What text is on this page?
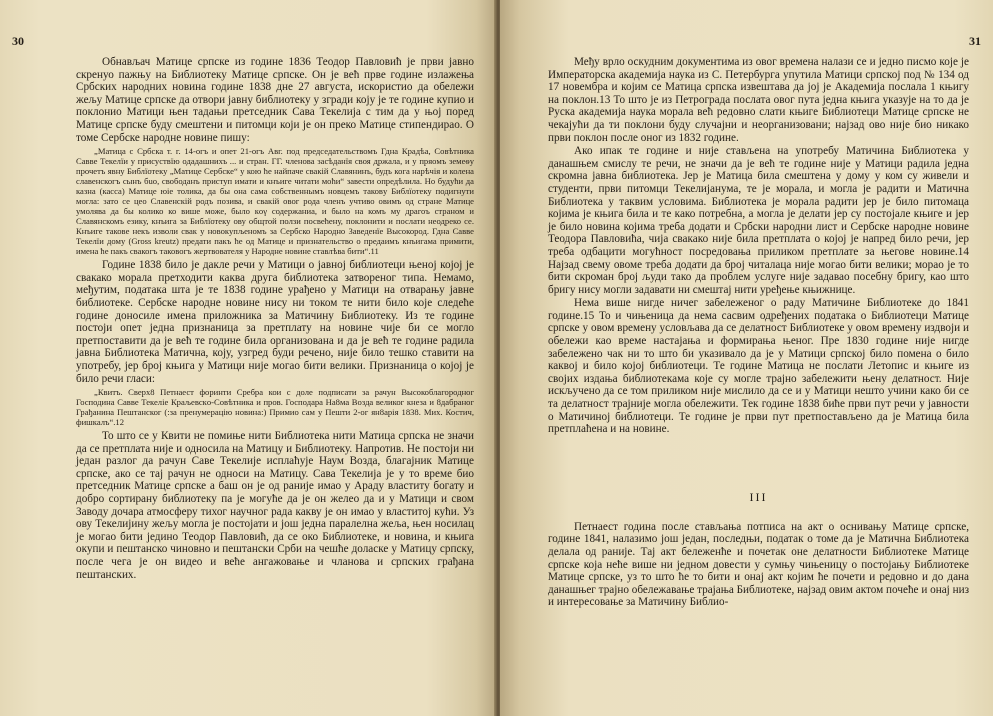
30

Обнављач Матице српске из године 1836 Теодор Павловић је први јавно скренуо пажњу на Библиотеку Матице српске. Он је већ прве године излажења Србских народних новина године 1838 дне 27 августа, искористио да обележи жељу Матице српске да отвори јавну библиотеку у згради коју је те године купио и поклонио Матици њен тадањи претседник Сава Текелија с тим да у њој поред Матице српске буду смештени и питомци који је он преко Матице стипендирао. О томе Сербске народне новине пишу:

„Матица с Србска т. г. 14-огъ и опет 21-огъ Авг. под председательствомъ Гдна Крадѣа, Совѣтника Савве Текелїи у присуствїю одадашнихъ ... и стран. ГГ. членова засѣданїя своя држала, и у пряомъ земеѳу прочетъ явну Библїотеку „Матице Сербске“ у кою ће найпаче свакій Славянинъ, будъ кога нарѣчія и колена славенскогъ сынъ бuо, свободанъ приступ имати и кнъиге читати моћи“ завести опредѣлила. Но будући да казна (касса) Матице юіе толика, да бы она сама собственнымъ новцемъ таковy Библїотеку подигнути могла: зато се цео Славенскій родъ позива, и свакій овог рода членъ учтиво овимъ од стране Матице умолява да бы колико ко више може, было кογ содержаниа, и было на комъ му драгоъ страном и Славянскомъ езику, кнъига за Библїотеку ову общтой ползи посвећену, поклонити и послати неодреко се. Кнъиге таковe некъ изволи свак у новокупљеномъ за Сербско Народно Заведенїе Высокород. Гдна Савве Текелїи дому (Gross kreutz) предати пакъ ће од Матице и признательство о предаимъ кнъигама примити, имена ће пакъ свакогъ таковогъ жертвователя у Народне новине ставлѣва бити“.11

Године 1838 било је дакле речи у Матици о јавној библиотеци њеној којој је свакако морала претходити каква друга библиотека затвореног типа. Немамо, међутим, података шта је те 1838 године урађено у Матици на отварању јавне библиотеке. Сербске народне новине нису ни током те нити било које следеће године доносиле имена приложника за Матичину Библиотеку. Из те године постоји опет једна признаница за претплату на новине чије би се могло претпоставити да је већ те године била организована и да је већ те године радила јавна Библиотека Матична, коју, узгред буди речено, није било тешко ставити на употребу, јер број књига у Матици није могао бити велики. Признаница о којој је било речи гласи:

„Квитъ. Сверх8 Петнаест форинти Сребра кои с доле подписати за рачун Высокоблагородног Господина Савве Текеліе Краљевскo-Совѣтника и пров. Господара На8ма Возда великог кнеза и 8дабраног Грађанина Пештанског (:за пренумерацію новина:) Примио сам у Пешти 2-ог ян8арія 1838. Мих. Костич, фишкалъ“.12

То што се у Квити не помиње нити Библиотека нити Матица српска не значи да се претплата није и односила на Матицу и Библиотеку. Напротив. Не постоји ни један разлог да рачун Саве Текелије исплаћује Наум Возда, благајник Матице српске, ако се тај рачун не односи на Матицу. Сава Текелија је у то време био претседник Матице српске а баш он је од раније имао у Араду властиту богату и добро сортирану библиотеку па је могуће да је он желео да и у Матици и свом Заводу дочара атмосферу тихог научног рада какву је он имао у властитој кући. Уз ову Текелијину жељу могла је постојати и још једна паралелна жеља, њен носилац је могао бити једино Теодор Павловић, да се око Библиотеке, и новина, и књига окупи и пештанско чиновно и пештански Срби на чешће доласке у Матицу српску, после чега је он видео и веће ангажовање и чланова и српских грађана пештанских.

31

Међу врло оскудним документима из овог времена налази се и једно писмо које је Императорска академија наука из С. Петербурга упутила Матици српској под № 134 од 17 новембра и којим се Матица српска извештава да јој је Академија послала 1 књигу на поклон.13 То што је из Петрограда послата овог пута једна књига указује на то да је Руска академија наука морала већ редовно слати књиге Библиотеци Матице српске не чекајући да ти поклони буду случајни и неорганизовани; најзад ово није био никако први поклон после оног из 1832 године.

Ако ипак те године и није стављена на употребу Матичина Библиотека у данашњем смислу те речи, не значи да је већ те године није у Матици радила једна скромна јавна библиотека. Јер је Матица била смештена у дому у ком су живели и студенти, први питомци Текелијанума, те је морала, и могла је радити и Матична Библиотека у таквим условима. Библиотека је морала радити јер је било питомаца којима је књига била и те како потребна, а могла је делати јер су постојале књиге и јер је било новина којима треба додати и Србски народни лист и Сербске народне новине Теодора Павловића, чија свакако није била претплата о којој је напред било речи, јер треба одбацити могућност посредовања приликом претплате за његове новине.14 Најзад свему овоме треба додати да број читалаца није могао бити велики; морао је то бити скроман број људи тако да проблем услуге није задавао посебну бригу, као што бригу нису могли задавати ни смештај нити уређење књижнице.

Нема више нигде ничег забележеног о раду Матичине Библиотеке до 1841 године.15 То и чињеница да нема сасвим одређених података о Библиотеци Матице српске у овом времену условљава да се делатност Библиотеке у овом времену издвоји и обележи као време настајања и формирања њеног. Пре 1830 године није нигде забележено чак ни то што би указивало да је у Матици српској било помена о било каквој и било којој библиотеци. Те године Матица не послати Летопис и књиге из својих издања библиотекама које су могле трајно забележити њену делатност. Није искључено да се том приликом није мислило да се и у Матици нешто учини како би се та делатност трајније могла обележити. Тек године 1838 биће први пут речи у јавности о Матичиној библиотеци. Те године је први пут претпостављено да је Матица била претплаћена и на новине.

III

Петнаест година после стављања потписа на акт о оснивању Матице српске, године 1841, налазимо још један, последњи, податак о томе да је Матична Библиотека делала од раније. Тај акт бележенће и почетак оне делатности Библиотеке Матице српске која неће више ни једном довести у сумњу чињеницу о постојању Библиотеке Матице српске, уз то што ће то бити и онај акт којим ће почети и редовно и до дана данашњег трајно обележавање трајања Библиотеке, најзад овим актом почеће и онај низ и интересовање за Матичину Библио-
